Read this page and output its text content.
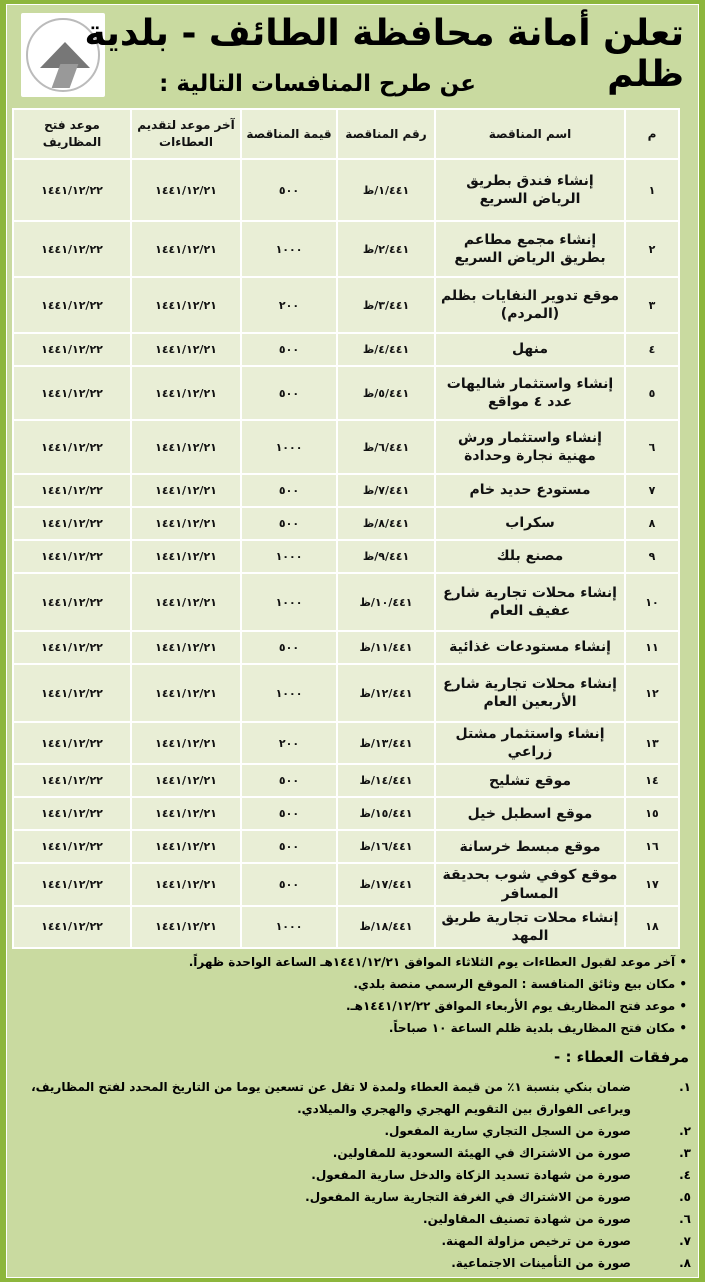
تعلن أمانة محافظة الطائف - بلدية ظلم
عن طرح المنافسات التالية :
م	اسم المناقصة	رقم المناقصة	قيمة المناقصة	آخر موعد لتقديم العطاءات	موعد فتح المظاريف
١	إنشاء فندق بطريق الرياض السريع	١/٤٤١/ظ	٥٠٠	١٤٤١/١٢/٢١	١٤٤١/١٢/٢٢
٢	إنشاء مجمع مطاعم بطريق الرياض السريع	٢/٤٤١/ظ	١٠٠٠	١٤٤١/١٢/٢١	١٤٤١/١٢/٢٢
٣	موقع تدوير النفايات بظلم (المردم)	٣/٤٤١/ظ	٢٠٠	١٤٤١/١٢/٢١	١٤٤١/١٢/٢٢
٤	منهل	٤/٤٤١/ظ	٥٠٠	١٤٤١/١٢/٢١	١٤٤١/١٢/٢٢
٥	إنشاء واستثمار شاليهات عدد ٤ مواقع	٥/٤٤١/ظ	٥٠٠	١٤٤١/١٢/٢١	١٤٤١/١٢/٢٢
٦	إنشاء واستثمار ورش مهنية نجارة وحدادة	٦/٤٤١/ظ	١٠٠٠	١٤٤١/١٢/٢١	١٤٤١/١٢/٢٢
٧	مستودع حديد خام	٧/٤٤١/ظ	٥٠٠	١٤٤١/١٢/٢١	١٤٤١/١٢/٢٢
٨	سكراب	٨/٤٤١/ظ	٥٠٠	١٤٤١/١٢/٢١	١٤٤١/١٢/٢٢
٩	مصنع بلك	٩/٤٤١/ظ	١٠٠٠	١٤٤١/١٢/٢١	١٤٤١/١٢/٢٢
١٠	إنشاء محلات تجارية شارع عفيف العام	١٠/٤٤١/ظ	١٠٠٠	١٤٤١/١٢/٢١	١٤٤١/١٢/٢٢
١١	إنشاء مستودعات غذائية	١١/٤٤١/ظ	٥٠٠	١٤٤١/١٢/٢١	١٤٤١/١٢/٢٢
١٢	إنشاء محلات تجارية شارع الأربعين العام	١٢/٤٤١/ظ	١٠٠٠	١٤٤١/١٢/٢١	١٤٤١/١٢/٢٢
١٣	إنشاء واستثمار مشتل زراعي	١٣/٤٤١/ظ	٢٠٠	١٤٤١/١٢/٢١	١٤٤١/١٢/٢٢
١٤	موقع تشليح	١٤/٤٤١/ظ	٥٠٠	١٤٤١/١٢/٢١	١٤٤١/١٢/٢٢
١٥	موقع اسطبل خيل	١٥/٤٤١/ظ	٥٠٠	١٤٤١/١٢/٢١	١٤٤١/١٢/٢٢
١٦	موقع مبسط خرسانة	١٦/٤٤١/ظ	٥٠٠	١٤٤١/١٢/٢١	١٤٤١/١٢/٢٢
١٧	موقع كوفي شوب بحديقة المسافر	١٧/٤٤١/ظ	٥٠٠	١٤٤١/١٢/٢١	١٤٤١/١٢/٢٢
١٨	إنشاء محلات تجارية طريق المهد	١٨/٤٤١/ظ	١٠٠٠	١٤٤١/١٢/٢١	١٤٤١/١٢/٢٢
• آخر موعد لقبول العطاءات يوم الثلاثاء الموافق ١٤٤١/١٢/٢١هـ الساعة الواحدة ظهراً.
• مكان بيع وثائق المنافسة : الموقع الرسمي منصة بلدي.
• موعد فتح المظاريف يوم الأربعاء الموافق ١٤٤١/١٢/٢٢هـ.
• مكان فتح المظاريف بلدية ظلم الساعة ١٠ صباحاً.
مرفقات العطاء : -
١.
ضمان بنكي بنسبة ١٪ من قيمة العطاء ولمدة لا تقل عن تسعين يوما من التاريخ المحدد لفتح المظاريف، ويراعى الفوارق بين التقويم الهجري والهجري والميلادي.
٢.
صورة من السجل التجاري سارية المفعول.
٣.
صورة من الاشتراك في الهيئة السعودية للمقاولين.
٤.
صورة من شهادة تسديد الزكاة والدخل سارية المفعول.
٥.
صورة من الاشتراك في الغرفة التجارية سارية المفعول.
٦.
صورة من شهادة تصنيف المقاولين.
٧.
صورة من ترخيص مزاولة المهنة.
٨.
صورة من التأمينات الاجتماعية.
